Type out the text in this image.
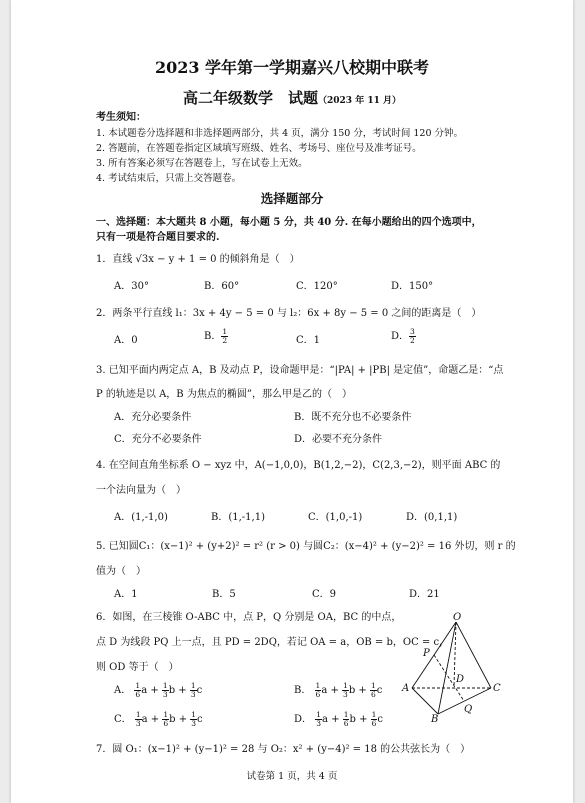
2023 学年第一学期嘉兴八校期中联考
高二年级数学　试题（2023 年 11 月）
考生须知：
1. 本试题卷分选择题和非选择题两部分，共 4 页，满分 150 分，考试时间 120 分钟。
2. 答题前，在答题卷指定区域填写班级、姓名、考场号、座位号及准考证号。
3. 所有答案必须写在答题卷上，写在试卷上无效。
4. 考试结束后，只需上交答题卷。
选择题部分
一、选择题：本大题共 8 小题，每小题 5 分，共 40 分. 在每小题给出的四个选项中，
只有一项是符合题目要求的.
1．直线 √3x − y + 1 = 0 的倾斜角是（　）
A．30°	B．60°	C．120°	D．150°
2．两条平行直线 l₁：3x + 4y − 5 = 0 与 l₂：6x + 8y − 5 = 0 之间的距离是（　）
A．0	B． $\frac{1}{2}$	C．1	D． $\frac{3}{2}$
3. 已知平面内两定点 A，B 及动点 P，设命题甲是：“|PA| + |PB| 是定值”，命题乙是：“点
P 的轨迹是以 A，B 为焦点的椭圆”，那么甲是乙的（　）
A．充分必要条件	B．既不充分也不必要条件
C．充分不必要条件	D．必要不充分条件
4. 在空间直角坐标系 O − xyz 中，A(−1,0,0)，B(1,2,−2)，C(2,3,−2)，则平面 ABC 的
一个法向量为（　）
A．(1,-1,0)	B．(1,-1,1)	C．(1,0,-1)	D．(0,1,1)
5. 已知圆C₁：(x−1)² + (y+2)² = r² (r > 0) 与圆C₂：(x−4)² + (y−2)² = 16 外切，则 r 的
值为（　）
A．1	B．5	C．9	D．21
6．如图，在三棱锥 O-ABC 中，点 P，Q 分别是 OA，BC 的中点，
点 D 为线段 PQ 上一点，且 PD = 2DQ，若记 OA = a，OB = b，OC = c，
则 OD 等于（　）
A． $\frac{1}{6}$ $a + \frac{1}{3}$ $b + \frac{1}{3}$ c	B． $\frac{1}{6}$ $a + \frac{1}{3}$ $b + \frac{1}{6}$ c
C． $\frac{1}{3}$ $a + \frac{1}{6}$ $b + \frac{1}{3}$ c	D． $\frac{1}{3}$ $a + \frac{1}{6}$ $b + \frac{1}{6}$ c
O
P
D
A	C
B
Q
7．圆 O₁：(x−1)² + (y−1)² = 28 与 O₂：x² + (y−4)² = 18 的公共弦长为（　）
试卷第 1 页，共 4 页
